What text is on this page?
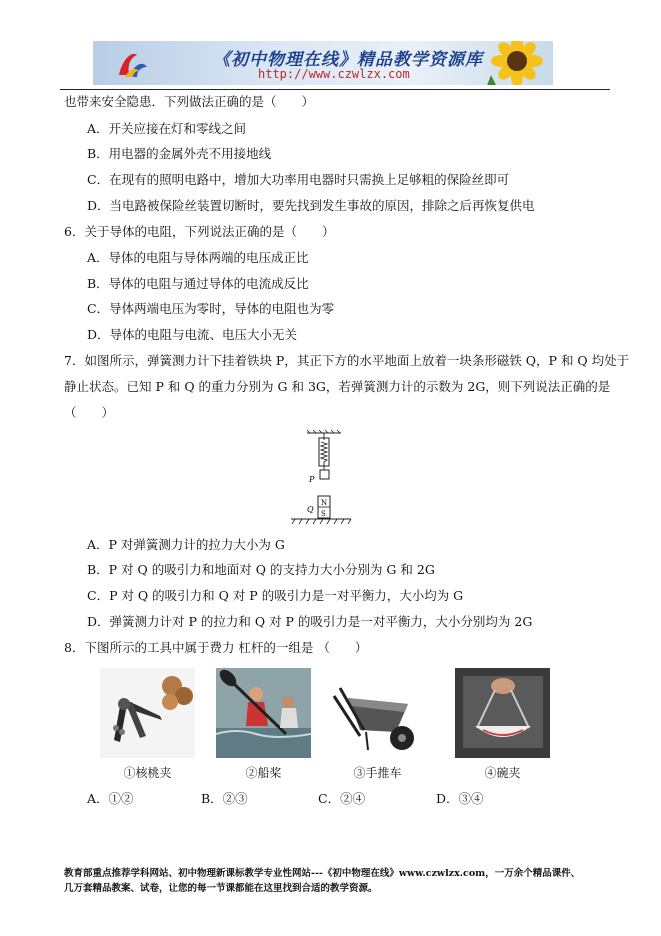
《初中物理在线》精品教学资源库
http://www.czwlzx.com
也带来安全隐患．下列做法正确的是（　　）
A．开关应接在灯和零线之间
B．用电器的金属外壳不用接地线
C．在现有的照明电路中，增加大功率用电器时只需换上足够粗的保险丝即可
D．当电路被保险丝装置切断时，要先找到发生事故的原因，排除之后再恢复供电
6．关于导体的电阻，下列说法正确的是（　　）
A．导体的电阻与导体两端的电压成正比
B．导体的电阻与通过导体的电流成反比
C．导体两端电压为零时，导体的电阻也为零
D．导体的电阻与电流、电压大小无关
7．如图所示，弹簧测力计下挂着铁块 P，其正下方的水平地面上放着一块条形磁铁 Q，P 和 Q 均处于
静止状态。已知 P 和 Q 的重力分别为 G 和 3G，若弹簧测力计的示数为 2G，则下列说法正确的是
（　　）
P
N
S
Q
A．P 对弹簧测力计的拉力大小为 G
B．P 对 Q 的吸引力和地面对 Q 的支持力大小分别为 G 和 2G
C．P 对 Q 的吸引力和 Q 对 P 的吸引力是一对平衡力，大小均为 G
D．弹簧测力计对 P 的拉力和 Q 对 P 的吸引力是一对平衡力，大小分别均为 2G
8．下图所示的工具中属于费力 杠杆的一组是 （　　）
①核桃夹	②船桨	③手推车	④碗夹
A．①②	B．②③	C．②④	D．③④
教育部重点推荐学科网站、初中物理新课标教学专业性网站---《初中物理在线》www.czwlzx.com，一万余个精品课件、
几万套精品教案、试卷，让您的每一节课都能在这里找到合适的教学资源。
